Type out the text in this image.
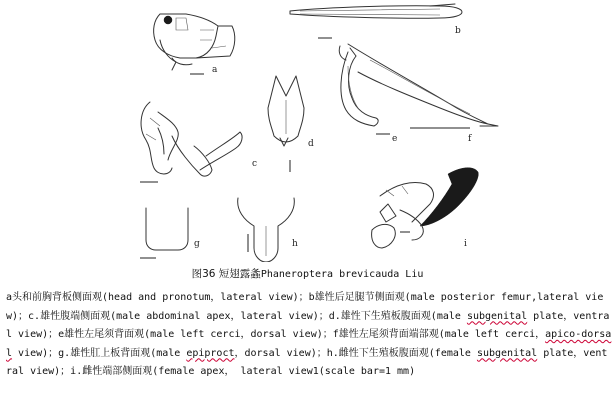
a
b
c
d	e	f
g	h	i
图36 短翅露螽Phaneroptera brevicauda Liu
a头和前胸背板侧面观(head and pronotum，lateral view)；b雄性后足腿节侧面观(male posterior femur,lateral view)；c.雄性腹端侧面观(male abdominal apex，lateral view)；d.雄性下生殖板腹面观(male subgenital plate，ventral view)；e雄性左尾须背面观(male left cerci，dorsal view)；f雄性左尾须背面端部观(male left cerci，apico-dorsal view)；g.雄性肛上板背面观(male epiproct，dorsal view)；h.雌性下生殖板腹面观(female subgenital plate，ventral view)；i.雌性端部侧面观(female apex， lateral view1(scale bar=1 mm)
